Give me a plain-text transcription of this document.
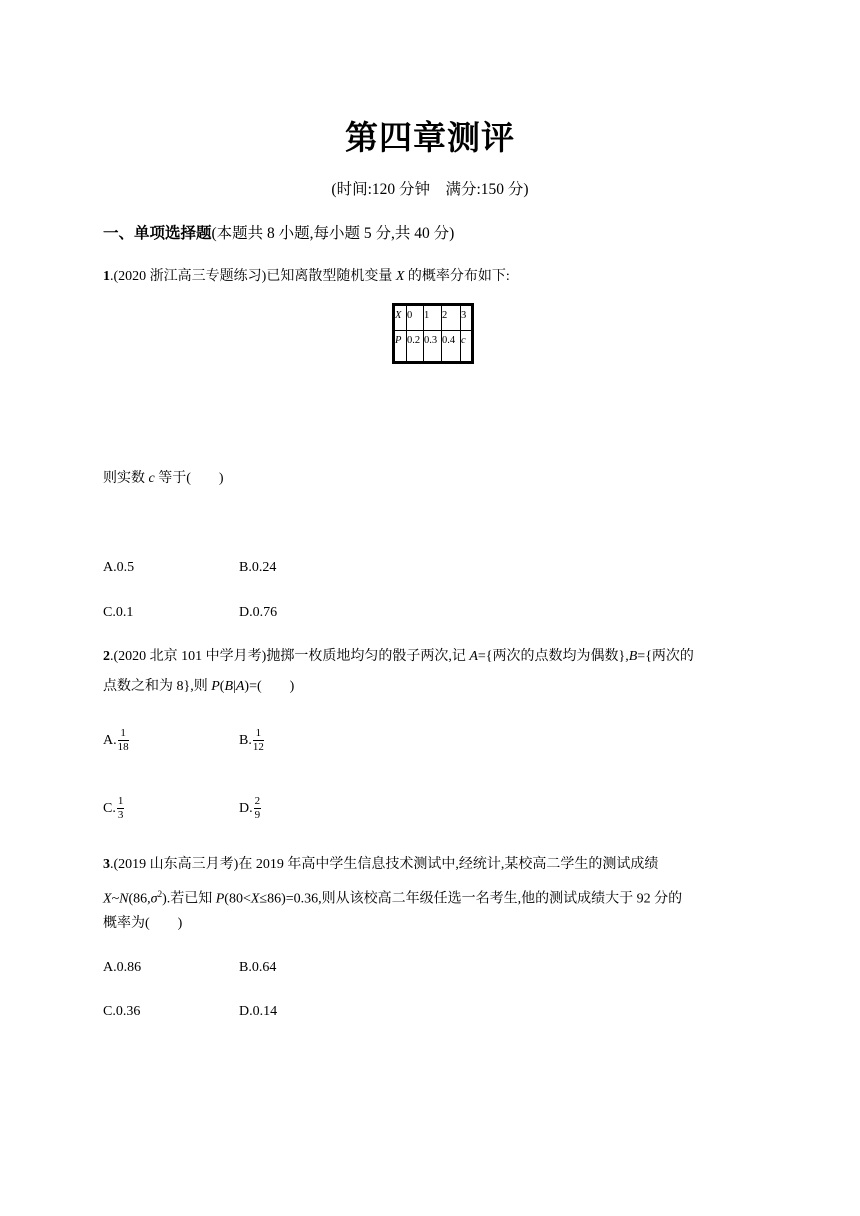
第四章测评
(时间:120 分钟　满分:150 分)
一、单项选择题(本题共 8 小题,每小题 5 分,共 40 分)
1.(2020 浙江高三专题练习)已知离散型随机变量 X 的概率分布如下:
X	0	1	2	3
P	0.2	0.3	0.4	c
则实数 c 等于(　　)
A.0.5	B.0.24
C.0.1	D.0.76
2.(2020 北京 101 中学月考)抛掷一枚质地均匀的骰子两次,记 A={两次的点数均为偶数},B={两次的
点数之和为 8},则 P(B|A)=(　　)
A. $\frac{1}{18}$	B. $\frac{1}{12}$
C. $\frac{1}{3}$	D. $\frac{2}{9}$
3.(2019 山东高三月考)在 2019 年高中学生信息技术测试中,经统计,某校高二学生的测试成绩
$X\sim N(86,\sigma^2)$.若已知 P(80<X≤86)=0.36,则从该校高二年级任选一名考生,他的测试成绩大于 92 分的
概率为(　　)
A.0.86	B.0.64
C.0.36	D.0.14
